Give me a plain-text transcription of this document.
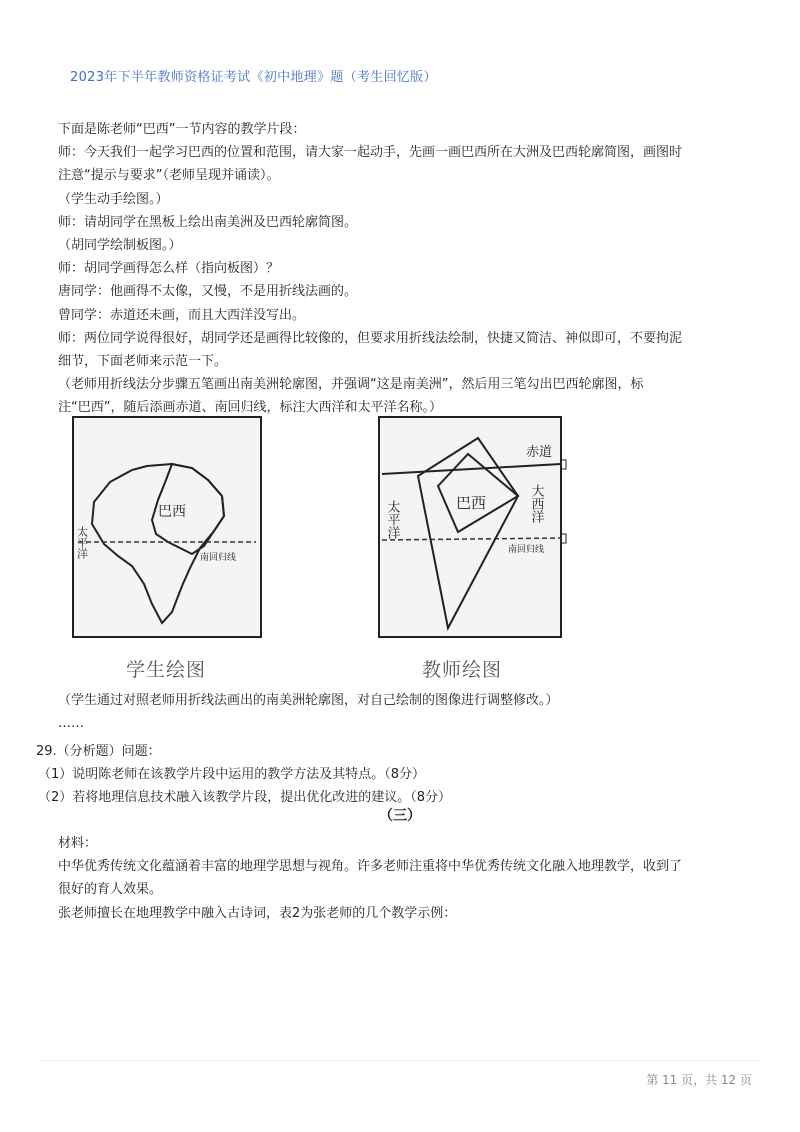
2023年下半年教师资格证考试《初中地理》题（考生回忆版）

下面是陈老师“巴西”一节内容的教学片段：

师：今天我们一起学习巴西的位置和范围，请大家一起动手，先画一画巴西所在大洲及巴西轮廓简图，画图时

注意“提示与要求”（老师呈现并诵读）。

（学生动手绘图。）

师：请胡同学在黑板上绘出南美洲及巴西轮廓简图。

（胡同学绘制板图。）

师：胡同学画得怎么样（指向板图）？

唐同学：他画得不太像，又慢，不是用折线法画的。

曾同学：赤道还未画，而且大西洋没写出。

师：两位同学说得很好，胡同学还是画得比较像的，但要求用折线法绘制，快捷又简洁、神似即可，不要拘泥

细节，下面老师来示范一下。

（老师用折线法分步骤五笔画出南美洲轮廓图，并强调“这是南美洲”，然后用三笔勾出巴西轮廓图，标

注“巴西”，随后添画赤道、南回归线，标注大西洋和太平洋名称。）

巴西
太平洋	南回归线
学生绘图
巴西
太平洋	大西洋
赤道
南回归线
教师绘图

（学生通过对照老师用折线法画出的南美洲轮廓图，对自己绘制的图像进行调整修改。）

……

29.（分析题）问题：

（1）说明陈老师在该教学片段中运用的教学方法及其特点。（8分）

（2）若将地理信息技术融入该教学片段，提出优化改进的建议。（8分）

（三）

材料：

中华优秀传统文化蕴涵着丰富的地理学思想与视角。许多老师注重将中华优秀传统文化融入地理教学，收到了

很好的育人效果。

张老师擅长在地理教学中融入古诗词，表2为张老师的几个教学示例：

第 11 页，共 12 页
